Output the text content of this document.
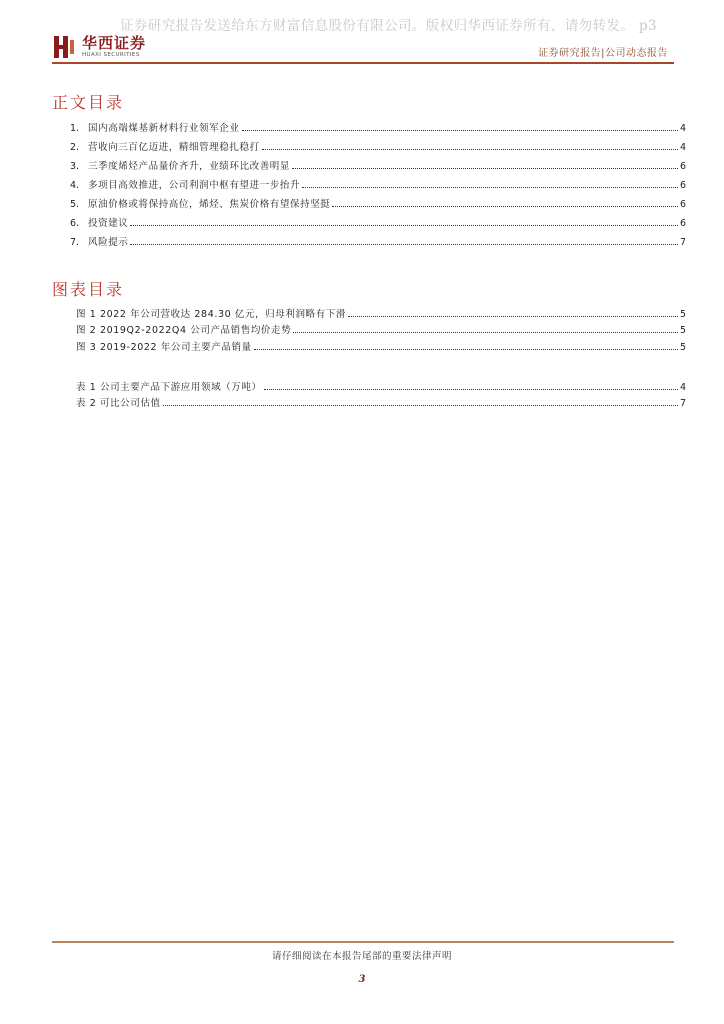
证券研究报告发送给东方财富信息股份有限公司。版权归华西证券所有，请勿转发。 p3
华西证券
HUAXI SECURITIES	证券研究报告|公司动态报告
正文目录
1. 国内高端煤基新材料行业领军企业	4
2. 营收向三百亿迈进，精细管理稳扎稳打	4
3. 三季度烯烃产品量价齐升，业绩环比改善明显	6
4. 多项目高效推进，公司利润中枢有望进一步抬升	6
5. 原油价格或将保持高位，烯烃、焦炭价格有望保持坚挺	6
6. 投资建议	6
7. 风险提示	7
图表目录
图 1 2022 年公司营收达 284.30 亿元，归母利润略有下滑	5
图 2 2019Q2-2022Q4 公司产品销售均价走势	5
图 3 2019-2022 年公司主要产品销量	5
表 1 公司主要产品下游应用领域（万吨）	4
表 2 可比公司估值	7
请仔细阅读在本报告尾部的重要法律声明
3
